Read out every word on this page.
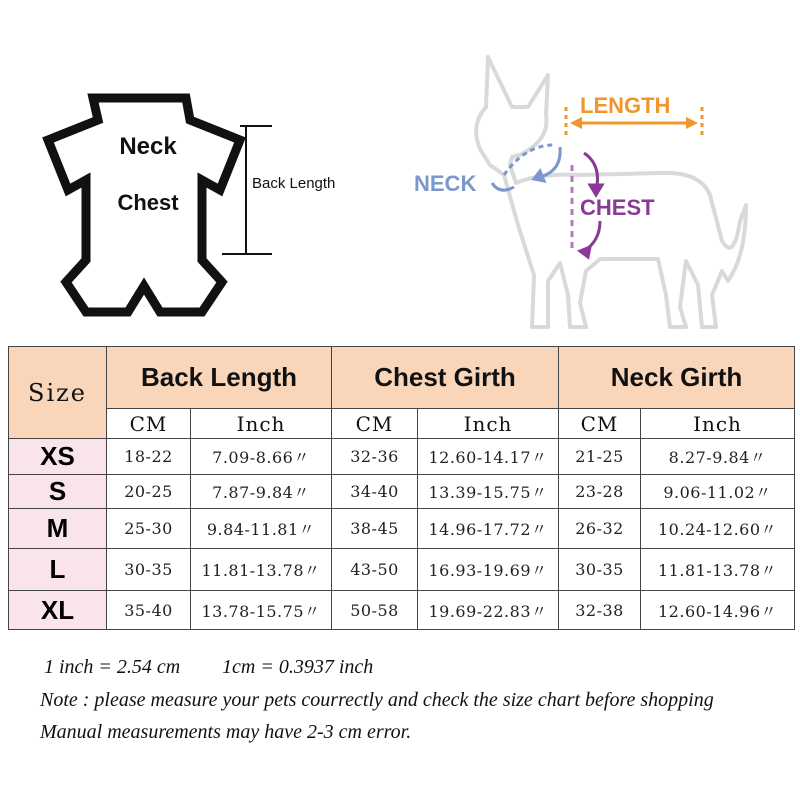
Neck
Chest
Back Length
LENGTH
NECK
CHEST
Size	Back Length		Chest Girth		Neck Girth	
	CM	Inch	CM	Inch	CM	Inch
XS	18-22	7.09-8.66〃	32-36	12.60-14.17〃	21-25	8.27-9.84〃
S	20-25	7.87-9.84〃	34-40	13.39-15.75〃	23-28	9.06-11.02〃
M	25-30	9.84-11.81〃	38-45	14.96-17.72〃	26-32	10.24-12.60〃
L	30-35	11.81-13.78〃	43-50	16.93-19.69〃	30-35	11.81-13.78〃
XL	35-40	13.78-15.75〃	50-58	19.69-22.83〃	32-38	12.60-14.96〃
1 inch = 2.54 cm 1cm = 0.3937 inch
Note : please measure your pets courrectly and check the size chart before shopping
Manual measurements may have 2-3 cm error.
